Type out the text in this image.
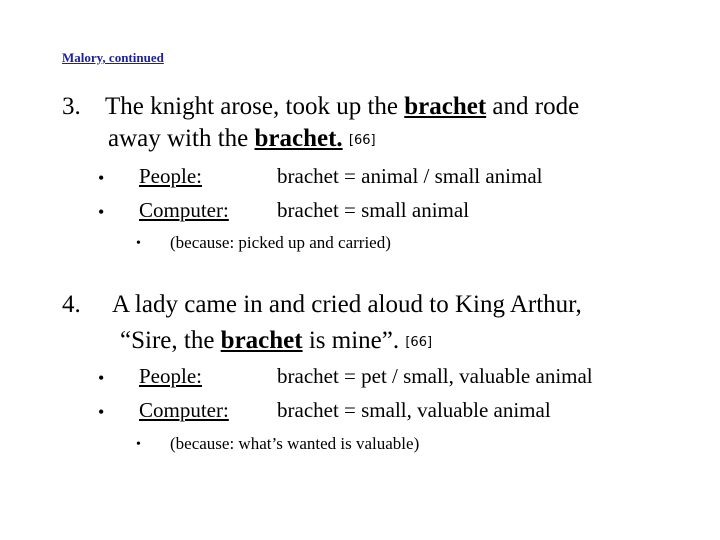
Malory, continued
3. The knight arose, took up the brachet and rode
away with the brachet. [66]
• People:	brachet = animal / small animal
• Computer: brachet = small animal
• (because: picked up and carried)
4. A lady came in and cried aloud to King Arthur,
“Sire, the brachet is mine”. [66]
• People:	brachet = pet / small, valuable animal
• Computer: brachet = small, valuable animal
• (because: what’s wanted is valuable)
